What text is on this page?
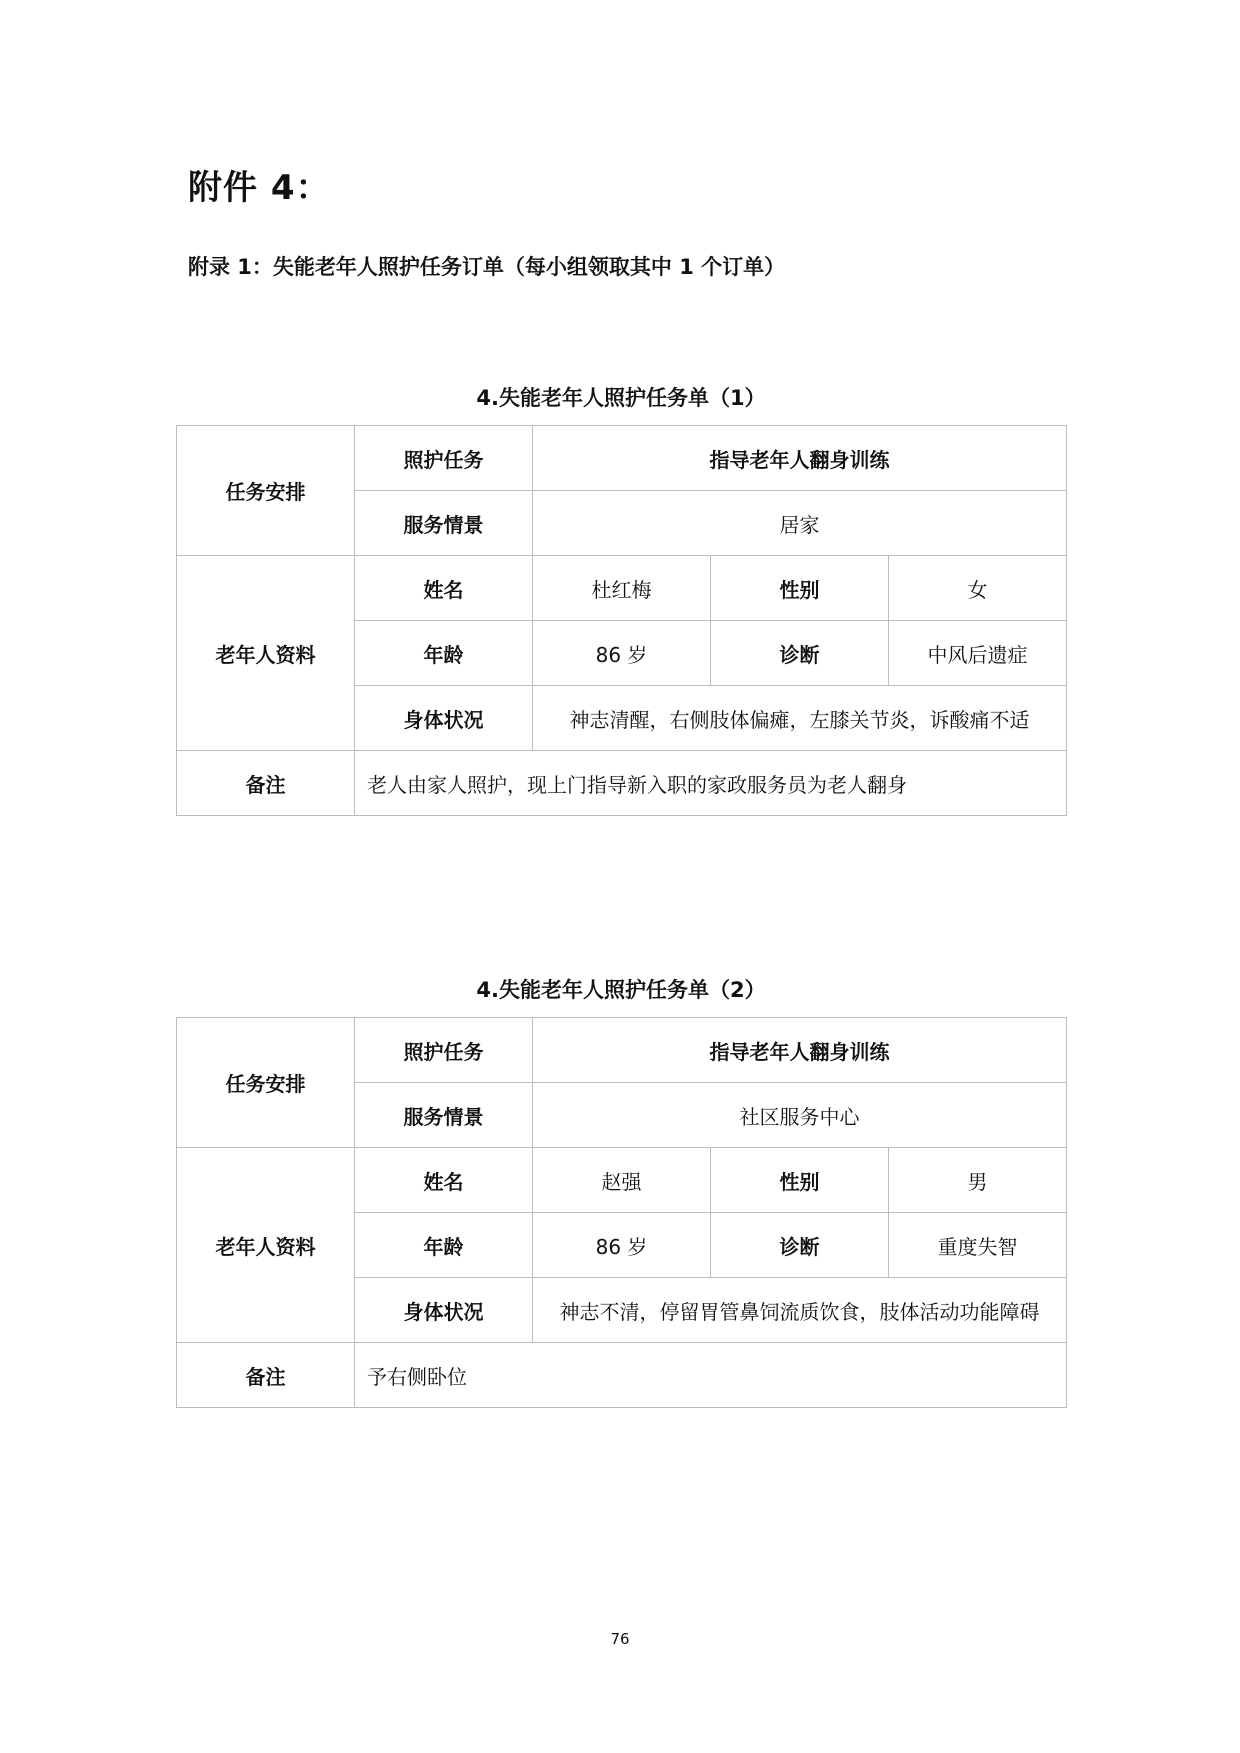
附件 4：
附录 1：失能老年人照护任务订单（每小组领取其中 1 个订单）
4.失能老年人照护任务单（1）
任务安排	照护任务	指导老年人翻身训练		
	服务情景	居家		
老年人资料	姓名	杜红梅	性别	女
	年龄	86 岁	诊断	中风后遗症
	身体状况	神志清醒，右侧肢体偏瘫，左膝关节炎，诉酸痛不适		
备注	老人由家人照护，现上门指导新入职的家政服务员为老人翻身			
4.失能老年人照护任务单（2）
任务安排	照护任务	指导老年人翻身训练		
	服务情景	社区服务中心		
老年人资料	姓名	赵强	性别	男
	年龄	86 岁	诊断	重度失智
	身体状况	神志不清，停留胃管鼻饲流质饮食，肢体活动功能障碍		
备注	予右侧卧位			
76
